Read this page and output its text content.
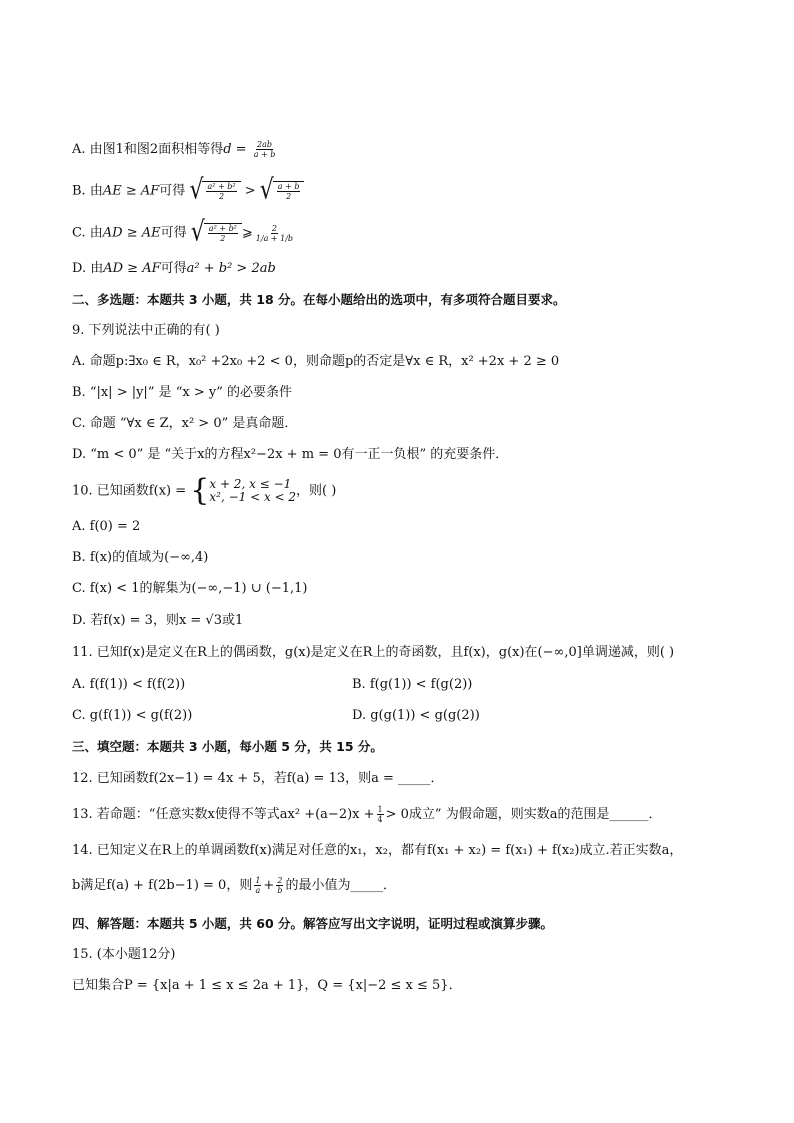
A. 由图1和图2面积相等得$d = \frac{2ab}{a + b}$
B. 由AE ≥ AF可得 √ $\frac{\text{a² + b²}}{2}$ > √ $\frac{a + b}{2}$
C. 由AD ≥ AE可得 √ $\frac{\text{a² + b²}}{2}$ ⩾ $\frac{2}{1/a + 1/b}$
D. 由AD ≥ AF可得a² + b² > 2ab
二、多选题：本题共 3 小题，共 18 分。在每小题给出的选项中，有多项符合题目要求。
9. 下列说法中正确的有( )
A. 命题p:∃x₀ ∈ R，x₀² +2x₀ +2 < 0，则命题p的否定是∀x ∈ R，x² +2x + 2 ≥ 0
B. “|x| > |y|” 是 “x > y” 的必要条件
C. 命题 “∀x ∈ Z，x² > 0” 是真命题．
D. “m < 0” 是 “关于x的方程x²−2x + m = 0有一正一负根” 的充要条件．
10. 已知函数f(x) = { x + 2, x ≤ −1
x², −1 < x < 2 ，则( )
A. f(0) = 2
B. f(x)的值域为(−∞,4)
C. f(x) < 1的解集为(−∞,−1) ∪ (−1,1)
D. 若f(x) = 3，则x = √3或1
11. 已知f(x)是定义在R上的偶函数，g(x)是定义在R上的奇函数，且f(x)，g(x)在(−∞,0]单调递减，则( )
A. f(f(1)) < f(f(2))	B. f(g(1)) < f(g(2))
C. g(f(1)) < g(f(2))	D. g(g(1)) < g(g(2))
三、填空题：本题共 3 小题，每小题 5 分，共 15 分。
12. 已知函数f(2x−1) = 4x + 5，若f(a) = 13，则a = _____．
13. 若命题：“任意实数x使得不等式$ax^2 +(a-2)x + \frac{1}{4} > 0$成立” 为假命题，则实数a的范围是______．
14. 已知定义在R上的单调函数f(x)满足对任意的x₁，x₂，都有f(x₁ + x₂) = f(x₁) + f(x₂)成立.若正实数a，
b满足f(a) + f(2b−1) = 0，则 $\frac{1}{a} + \frac{2}{b}$ 的最小值为_____．
四、解答题：本题共 5 小题，共 60 分。解答应写出文字说明，证明过程或演算步骤。
15. (本小题12分)
已知集合P = {x|a + 1 ≤ x ≤ 2a + 1}，Q = {x|−2 ≤ x ≤ 5}．
